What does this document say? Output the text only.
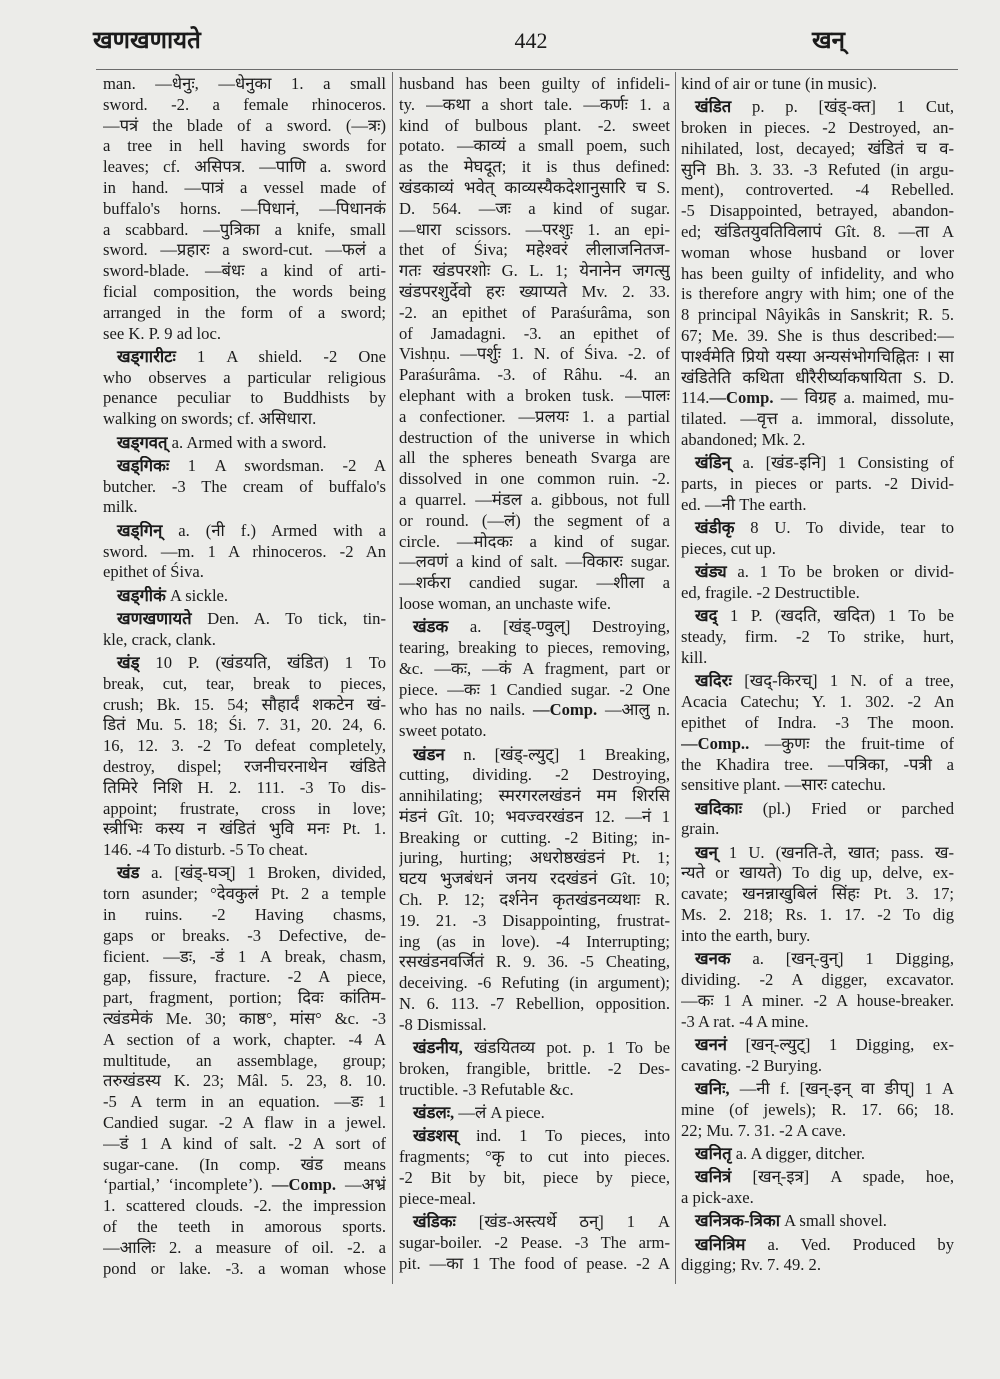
खणखणायते	442	खन्
man. —धेनुः, —धेनुका 1. a small
sword. -2. a female rhinoceros.
—पत्रं the blade of a sword. (—त्रः)
a tree in hell having swords for
leaves; cf. असिपत्र. —पाणि a. sword
in hand. —पात्रं a vessel made of
buffalo's horns. —पिधानं, —पिधानकं
a scabbard. —पुत्रिका a knife, small
sword. —प्रहारः a sword-cut. —फलं a
sword-blade. —बंधः a kind of arti-
ficial composition, the words being
arranged in the form of a sword;
see K. P. 9 ad loc.
खड्गारीटः 1 A shield. -2 One
who observes a particular religious
penance peculiar to Buddhists by
walking on swords; cf. असिधारा.
खड्गवत् a. Armed with a sword.
खड्गिकः 1 A swordsman. -2 A
butcher. -3 The cream of buffalo's
milk.
खड्गिन् a. (नी f.) Armed with a
sword. —m. 1 A rhinoceros. -2 An
epithet of Śiva.
खड्गीकं A sickle.
खणखणायते Den. A. To tick, tin-
kle, crack, clank.
खंड् 10 P. (खंडयति, खंडित) 1 To
break, cut, tear, break to pieces,
crush; Bk. 15. 54; सौहार्दं शकटेन खं-
डितं Mu. 5. 18; Śi. 7. 31, 20. 24, 6.
16, 12. 3. -2 To defeat completely,
destroy, dispel; रजनीचरनाथेन खंडिते
तिमिरे निशि H. 2. 111. -3 To dis-
appoint; frustrate, cross in love;
स्त्रीभिः कस्य न खंडितं भुवि मनः Pt. 1.
146. -4 To disturb. -5 To cheat.
खंड a. [खंड्-घञ्] 1 Broken, divided,
torn asunder; °देवकुलं Pt. 2 a temple
in ruins. -2 Having chasms,
gaps or breaks. -3 Defective, de-
ficient. —डः, -डं 1 A break, chasm,
gap, fissure, fracture. -2 A piece,
part, fragment, portion; दिवः कांतिम-
त्खंडमेकं Me. 30; काष्ठ°, मांस° &c. -3
A section of a work, chapter. -4 A
multitude, an assemblage, group;
तरुखंडस्य K. 23; Mâl. 5. 23, 8. 10.
-5 A term in an equation. —डः 1
Candied sugar. -2 A flaw in a jewel.
—डं 1 A kind of salt. -2 A sort of
sugar-cane. (In comp. खंड means
‘partial,’ ‘incomplete’). —Comp. —अभ्रं
1. scattered clouds. -2. the impression
of the teeth in amorous sports.
—आलिः 2. a measure of oil. -2. a
pond or lake. -3. a woman whose
husband has been guilty of infideli-
ty. —कथा a short tale. —कर्णः 1. a
kind of bulbous plant. -2. sweet
potato. —काव्यं a small poem, such
as the मेघदूत; it is thus defined:
खंडकाव्यं भवेत् काव्यस्यैकदेशानुसारि च S.
D. 564. —जः a kind of sugar.
—धारा scissors. —परशुः 1. an epi-
thet of Śiva; महेश्वरं लीलाजनितज-
गतः खंडपरशोः G. L. 1; येनानेन जगत्सु
खंडपरशुर्देवो हरः ख्याप्यते Mv. 2. 33.
-2. an epithet of Paraśurâma, son
of Jamadagni. -3. an epithet of
Vishṇu. —पर्शुः 1. N. of Śiva. -2. of
Paraśurâma. -3. of Râhu. -4. an
elephant with a broken tusk. —पालः
a confectioner. —प्रलयः 1. a partial
destruction of the universe in which
all the spheres beneath Svarga are
dissolved in one common ruin. -2.
a quarrel. —मंडल a. gibbous, not full
or round. (—लं) the segment of a
circle. —मोदकः a kind of sugar.
—लवणं a kind of salt. —विकारः sugar.
—शर्करा candied sugar. —शीला a
loose woman, an unchaste wife.
खंडक a. [खंड्-ण्वुल्] Destroying,
tearing, breaking to pieces, removing,
&c. —कः, —कं A fragment, part or
piece. —कः 1 Candied sugar. -2 One
who has no nails. —Comp. —आलु n.
sweet potato.
खंडन n. [खंड्-ल्युट्] 1 Breaking,
cutting, dividing. -2 Destroying,
annihilating; स्मरगरलखंडनं मम शिरसि
मंडनं Gît. 10; भवज्वरखंडन 12. —नं 1
Breaking or cutting. -2 Biting; in-
juring, hurting; अधरोष्ठखंडनं Pt. 1;
घटय भुजबंधनं जनय रदखंडनं Gît. 10;
Ch. P. 12; दर्शनेन कृतखंडनव्यथाः R.
19. 21. -3 Disappointing, frustrat-
ing (as in love). -4 Interrupting;
रसखंडनवर्जितं R. 9. 36. -5 Cheating,
deceiving. -6 Refuting (in argument);
N. 6. 113. -7 Rebellion, opposition.
-8 Dismissal.
खंडनीय, खंडयितव्य pot. p. 1 To be
broken, frangible, brittle. -2 Des-
tructible. -3 Refutable &c.
खंडलः, —लं A piece.
खंडशस् ind. 1 To pieces, into
fragments; °कृ to cut into pieces.
-2 Bit by bit, piece by piece,
piece-meal.
खंडिकः [खंड-अस्त्यर्थे ठन्] 1 A
sugar-boiler. -2 Pease. -3 The arm-
pit. —का 1 The food of pease. -2 A
kind of air or tune (in music).
खंडित p. p. [खंड्-क्त] 1 Cut,
broken in pieces. -2 Destroyed, an-
nihilated, lost, decayed; खंडितं च व-
सुनि Bh. 3. 33. -3 Refuted (in argu-
ment), controverted. -4 Rebelled.
-5 Disappointed, betrayed, abandon-
ed; खंडितयुवतिविलापं Gît. 8. —ता A
woman whose husband or lover
has been guilty of infidelity, and who
is therefore angry with him; one of the
8 principal Nâyikâs in Sanskrit; R. 5.
67; Me. 39. She is thus described:—
पार्श्वमेति प्रियो यस्या अन्यसंभोगचिह्नितः । सा
खंडितेति कथिता धीरैरीर्ष्याकषायिता S. D.
114.—Comp. — विग्रह a. maimed, mu-
tilated. —वृत्त a. immoral, dissolute,
abandoned; Mk. 2.
खंडिन् a. [खंड-इनि] 1 Consisting of
parts, in pieces or parts. -2 Divid-
ed. —नी The earth.
खंडीकृ 8 U. To divide, tear to
pieces, cut up.
खंड्य a. 1 To be broken or divid-
ed, fragile. -2 Destructible.
खद् 1 P. (खदति, खदित) 1 To be
steady, firm. -2 To strike, hurt,
kill.
खदिरः [खद्-किरच्] 1 N. of a tree,
Acacia Catechu; Y. 1. 302. -2 An
epithet of Indra. -3 The moon.
—Comp.. —कुणः the fruit-time of
the Khadira tree. —पत्रिका, -पत्री a
sensitive plant. —सारः catechu.
खदिकाः (pl.) Fried or parched
grain.
खन् 1 U. (खनति-ते, खात; pass. ख-
न्यते or खायते) To dig up, delve, ex-
cavate; खनन्नाखुबिलं सिंहः Pt. 3. 17;
Ms. 2. 218; Rs. 1. 17. -2 To dig
into the earth, bury.
खनक a. [खन्-वुन्] 1 Digging,
dividing. -2 A digger, excavator.
—कः 1 A miner. -2 A house-breaker.
-3 A rat. -4 A mine.
खननं [खन्-ल्युट्] 1 Digging, ex-
cavating. -2 Burying.
खनिः, —नी f. [खन्-इन् वा ङीप्] 1 A
mine (of jewels); R. 17. 66; 18.
22; Mu. 7. 31. -2 A cave.
खनितृ a. A digger, ditcher.
खनित्रं [खन्-इत्र] A spade, hoe,
a pick-axe.
खनित्रक-त्रिका A small shovel.
खनित्रिम a. Ved. Produced by
digging; Rv. 7. 49. 2.
